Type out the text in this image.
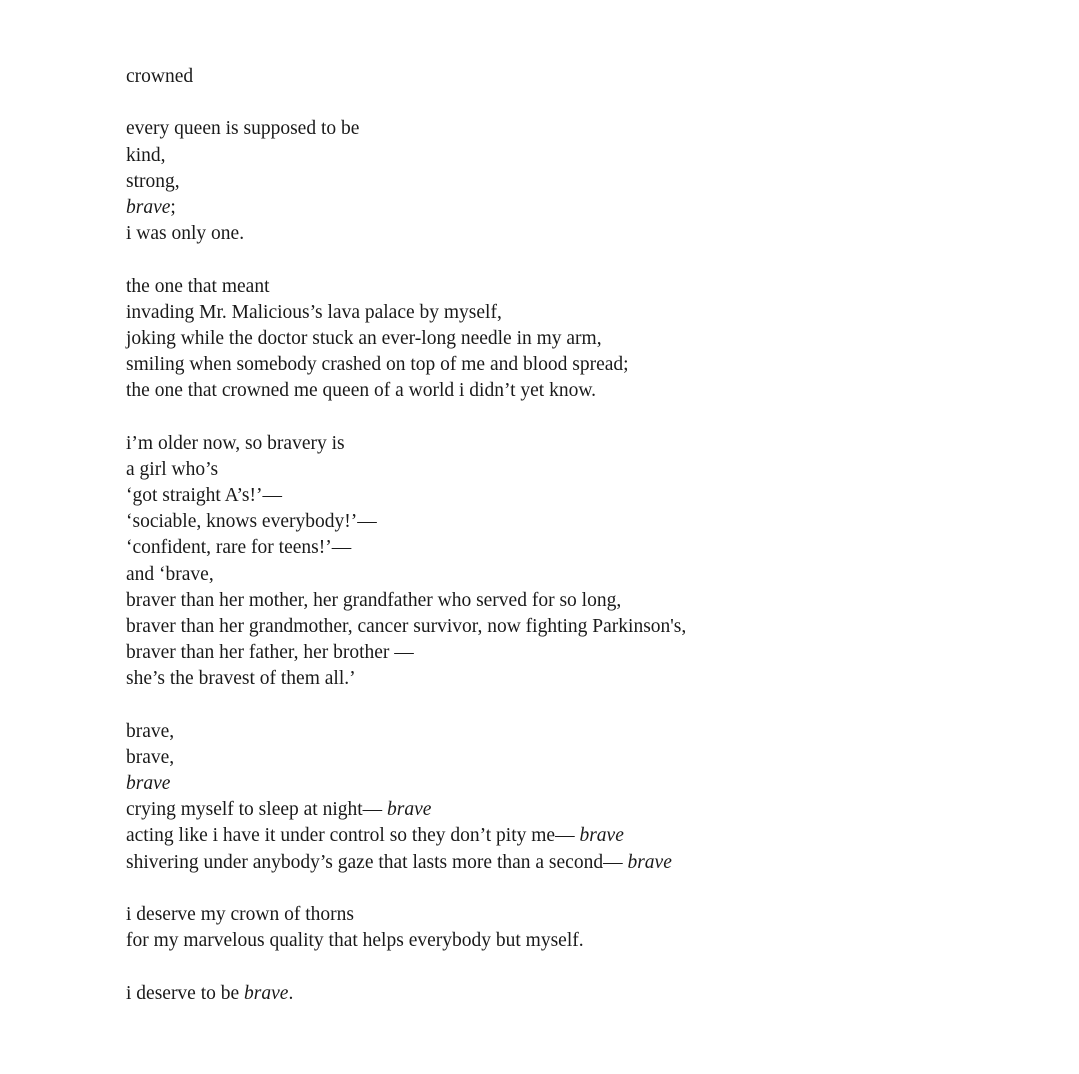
crowned
every queen is supposed to be
kind,
strong,
brave;
i was only one.
the one that meant
invading Mr. Malicious’s lava palace by myself,
joking while the doctor stuck an ever-long needle in my arm,
smiling when somebody crashed on top of me and blood spread;
the one that crowned me queen of a world i didn’t yet know.
i’m older now, so bravery is
a girl who’s
‘got straight A’s!’—
‘sociable, knows everybody!’—
‘confident, rare for teens!’—
and ‘brave,
braver than her mother, her grandfather who served for so long,
braver than her grandmother, cancer survivor, now fighting Parkinson's,
braver than her father, her brother —
she’s the bravest of them all.’
brave,
brave,
brave
crying myself to sleep at night— brave
acting like i have it under control so they don’t pity me— brave
shivering under anybody’s gaze that lasts more than a second— brave
i deserve my crown of thorns
for my marvelous quality that helps everybody but myself.
i deserve to be brave.
